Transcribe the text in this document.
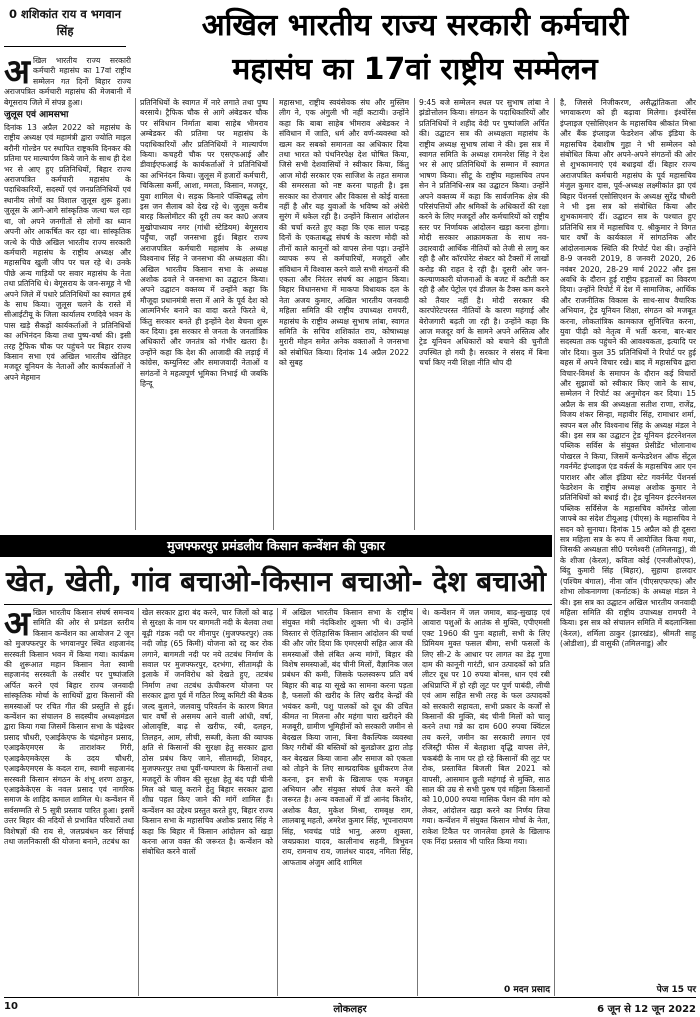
0 शशिकांत राय व भगवान सिंह	अखिल भारतीय राज्य सरकारी कर्मचारी
महासंघ का 17वां राष्ट्रीय सम्मेलन
अ खिल भारतीय राज्य सरकारी कर्मचारी महासंघ का 17वां राष्ट्रीय सम्मेलन गत दिनों बिहार राज्य अराजपत्रित कर्मचारी महासंघ की मेजबानी में बेगूसराय जिले में संपन्न हुआ।

जुलूस एवं आमसभा

दिनांक 13 अप्रैल 2022 को महासंघ के राष्ट्रीय अध्यक्ष एवं महामंत्री द्वारा ज्योति माइल बरौनी गोल्डेन पर स्थापित राष्ट्रकवि दिनकर की प्रतिमा पर माल्यार्पण किये जाने के साथ ही देश भर से आए हुए प्रतिनिधियों, बिहार राज्य अराजपत्रित कर्मचारी महासंघ के पदाधिकारियों, सदस्यों एवं जनप्रतिनिधियों एवं स्थानीय लोगों का विशाल जुलूस शुरू हुआ। जुलूस के आगे-आगे सांस्कृतिक जत्था चल रहा था, जो अपने जनगीतों से लोगों का ध्यान अपनी ओर आकर्षित कर रहा था। सांस्कृतिक जत्थे के पीछे अखिल भारतीय राज्य सरकारी कर्मचारी महासंघ के राष्ट्रीय अध्यक्ष और महासचिव खुली जीप पर चल रहे थे। उनके पीछे अन्य गाड़ियों पर सवार महासंघ के नेता तथा प्रतिनिधि थे। बेगूसराय के जन-समूह ने भी अपने जिले में पधारे प्रतिनिधियों का स्वागत हर्ष के साथ किया। जुलूस चलने के रास्ते में सीआईटीयू के जिला कार्यालय रणदिवे भवन के पास खड़े सैकड़ों कार्यकर्ताओं ने प्रतिनिधियों का अभिनंदन किया तथा पुष्प-वर्षा की। इसी तरह ट्रैफिक चौक पर पहुंचने पर बिहार राज्य किसान सभा एवं अखिल भारतीय खेतिहर मजदूर यूनियन के नेताओं और कार्यकर्ताओं ने अपने मेहमान

प्रतिनिधियों के स्वागत में नारे लगाते तथा पुष्प बरसाये। ट्रैफिक चौक से आगे अंबेडकर चौक पर संविधान निर्माता बाबा साहेब भीमराव अम्बेडकर की प्रतिमा पर महासंघ के पदाधिकारियों और प्रतिनिधियों ने माल्यार्पण किया। कचहरी चौक पर एसएफआई और डीवाईएफआई के कार्यकर्ताओं ने प्रतिनिधियों का अभिनंदन किया। जुलूस में हजारों कर्मचारी, चिकित्सा कर्मी, आशा, ममता, किसान, मजदूर, युवा शामिल थे। सड़क किनारे पंक्तिबद्ध लोग इस जन सैलाब को देख रहे थे। जुलूस करीब बारह किलोमीटर की दूरी तय कर का0 अजय मुखोपाध्याय नगर (गांधी स्टेडियम) बेगूसराय पहुँचा, जहाँ जनसभा हुई। बिहार राज्य अराजपत्रित कर्मचारी महासंघ के अध्यक्ष विश्वनाथ सिंह ने जनसभा की अध्यक्षता की। अखिल भारतीय किसान सभा के अध्यक्ष अशोक ढवले ने जनसभा का उद्घाटन किया। अपने उद्घाटन वक्तव्य में उन्होंने कहा कि मौजूदा प्रधानमंत्री सत्ता में आने के पूर्व देश को आत्मनिर्भर बनाने का वादा करते फिरते थे, किंतु सरकार बनते ही इन्होंने देश बेचना शुरू कर दिया। इस सरकार से जनता के जनतांत्रिक अधिकारों और जनतंत्र को गंभीर खतरा है। उन्होंने कहा कि देश की आजादी की लड़ाई में कांग्रेस, कम्युनिस्ट और समाजवादी नेताओं व सगंठनों ने महत्वपूर्ण भूमिका निभाई थी जबकि हिन्दू

महासभा, राष्ट्रीय स्वयंसेवक संघ और मुस्लिम लीग ने, एक अंगुली भी नहीं कटायी। उन्होंने कहा कि बाबा साहेब भीमराव अंबेडकर ने संविधान में जाति, धर्म और वर्ण-व्यवस्था को खत्म कर सबको समानता का अधिकार दिया तथा भारत को पंथनिरपेक्ष देश घोषित किया, जिसे सभी देशवासियों ने स्वीकार किया, किंतु आज मोदी सरकार एक साजिश के तहत समाज की समरसता को नष्ट करना चाहती है। इस सरकार का रोजगार और विकास से कोई वास्ता नहीं है और यह युवाओं के भविष्य को अंधेरी सुरंग में धकेल रही है। उन्होंने किसान आंदोलन की चर्चा करते हुए कहा कि एक साल पन्द्रह दिनों के एकताबद्ध संघर्ष के कारण मोदी को तीनों काले कानूनों को वापस लेना पड़ा। उन्होंने व्यापक रूप से कर्मचारियों, मजदूरों और संविधान में विश्वास करने वाले सभी संगठनों की एकता और निरंतर संघर्ष का आह्वान किया। बिहार विधानसभा में माकपा विधायक दल के नेता अजय कुमार, अखिल भारतीय जनवादी महिला समिति की राष्ट्रीय उपाध्यक्ष रामपरी, महासंघ के राष्ट्रीय अध्यक्ष सुभाष लांबा, स्वागत समिति के सचिव शशिकांत राय, कोषाध्यक्ष मुरारी मोहन समेत अनेक वक्ताओं ने जनसभा को संबोधित किया। दिनांक 14 अप्रैल 2022 को सुबह

9:45 बजे सम्मेलन स्थल पर सुभाष लांबा ने झंडोत्तोलन किया। संगठन के पदाधिकारियों और प्रतिनिधियों ने शहीद वेदी पर पुष्पांजलि अर्पित की। उद्घाटन सत्र की अध्यक्षता महासंघ के राष्ट्रीय अध्यक्ष सुभाष लांबा ने की। इस सत्र में स्वागत समिति के अध्यक्ष रामनरेश सिंह ने देश भर से आए प्रतिनिधियों के सम्मान में स्वागत भाषण किया। सीटू के राष्ट्रीय महासचिव तपन सेन ने प्रतिनिधि-सत्र का उद्घाटन किया। उन्होंने अपने वक्तव्य में कहा कि सार्वजनिक क्षेत्र की परिसंपत्तियों और श्रमिकों के अधिकारों की रक्षा करने के लिए मजदूरों और कर्मचारियों को राष्ट्रीय स्तर पर निर्णायक आंदोलन खड़ा करना होगा। मोदी सरकार आक्रामकता के साथ नव-उदारवादी आर्थिक नीतियों को तेजी से लागू कर रही है और कॉरपोरेट सेक्टर को टैक्सों में लाखों करोड़ की राहत दे रही है। दूसरी ओर जन-कल्याणकारी योजनाओं के बजट में कटौती कर रही है और पेट्रोल एवं डीजल के टैक्स कम करने को तैयार नहीं है। मोदी सरकार की कारपोरेटपरस्त नीतियों के कारण महंगाई और बेरोजगारी बढ़ती जा रही है। उन्होंने कहा कि आज मजदूर वर्ग के सामने अपने अस्तित्व और ट्रेड यूनियन अधिकारों को बचाने की चुनौती उपस्थित हो गयी है। सरकार ने संसद में बिना चर्चा किए नयी शिक्षा नीति थोप दी

है, जिससे निजीकरण, असैद्धांतिकता और भगवाकरण को ही बढ़ावा मिलेगा। इंश्योरेंस इंप्लाइज एसोसिएशन के महासचिव श्रीकांत मिश्रा और बैंक इंप्लाइज फेडरेशन ऑफ इंडिया के महासचिव देबाशीष गुहा ने भी सम्मेलन को संबोधित किया और अपने-अपने संगठनों की ओर से शुभकामनाएं एवं बधाइयां दीं। बिहार राज्य अराजपत्रित कर्मचारी महासंघ के पूर्व महासचिव मंजुल कुमार दास, पूर्व-अध्यक्ष लक्ष्मीकांत झा एवं बिहार पेंशनर्स एसोसिएशन के अध्यक्ष सुरेंद्र चौधरी ने भी इस सत्र को संबोधित किया और शुभकामनाएं दीं। उद्घाटन सत्र के पश्चात हुए प्रतिनिधि सत्र में महासचिव ए. श्रीकुमार ने विगत चार वर्षों के कार्यकाल में सांगठनिक और आंदोलनात्मक स्थिति की रिपोर्ट पेश की। उन्होंने 8-9 जनवरी 2019, 8 जनवरी 2020, 26 नवंबर 2020, 28-29 मार्च 2022 और इस अवधि के दौरान हुई राष्ट्रीय हड़तालों का विवरण दिया। उन्होंने रिपोर्ट में देश में सामाजिक, आर्थिक और राजनीतिक विकास के साथ-साथ वैचारिक अभियान, ट्रेड यूनियन शिक्षा, संगठन को मजबूत करना, लोकतांत्रिक कामकाज सुनिश्चित करना, युवा पीढ़ी को नेतृत्व में भर्ती करना, बार-बार सदस्यता तक पहुंचने की आवश्यकता, इत्यादि पर जोर दिया। कुल 35 प्रतिनिधियों ने रिपोर्ट पर हुई बहस में अपने विचार रखे। बाद में महासचिव द्वारा विचार-विमर्श के समापन के दौरान कई विचारों और सुझावों को स्वीकार किए जाने के साथ, सम्मेलन ने रिपोर्ट का अनुमोदन कर दिया। 15 अप्रैल के सत्र की अध्यक्षता सतीश राणा, राजेंद्र, विजय शंकर सिन्हा, महावीर सिंह, रामाधार शर्मा, स्वपन बल और विश्वनाथ सिंह के अध्यक्ष मंडल ने की। इस सत्र का उद्घाटन ट्रेड यूनियन इंटरनेशनल पब्लिक सर्विस के संयुक्त प्रेसीडेंट भोलानाथ पोखरल ने किया, जिसमें कन्फेडरेशन ऑफ सेंट्रल गवर्नमेंट इंप्लाइज एंड वर्कर्स के महासचिव आर एन पाराशर और ऑल इंडिया स्टेट गवर्नमेंट पेंशनर्स फेडरेशन के राष्ट्रीय अध्यक्ष अशोक कुमार ने प्रतिनिधियों को बधाई दी। ट्रेड यूनियन इंटरनेशनल पब्लिक सर्विसेज के महासचिव कॉमरेड जोला जाफ्बे का संदेश टीयूआइ (पीएस) के महासचिव ने सदन को सुनाया। दिनांक 15 अप्रैल को ही दूसरा सत्र महिला सत्र के रूप में आयोजित किया गया, जिसकी अध्यक्षता सी0 परमेश्वरी (तमिलनाडु), वी के शीजा (केरल), कविता कोई (एनजीओएफ), बिंदु कुमारी सिंह (बिहार), सुहाया हालदार (पश्चिम बंगाल), नीना जॉन (पीएसएफएफ) और शोभा लोकनागणा (कर्नाटक) के अध्यक्ष मंडल ने की। इस सत्र का उद्घाटन अखिल भारतीय जनवादी महिला समिति की राष्ट्रीय उपाध्यक्ष रामपरी ने किया। इस सत्र को संचालन समिति में बदलान्त्रिसा (केरल), शर्मिला ठाकुर (झारखंड), श्रीमती साहू (ओडीशा), डी वासुकी (तमिलनाडु) और

पेज 15 पर
मुजफ्फरपुर प्रमंडलीय किसान कन्वेंशन की पुकार
खेत, खेती, गांव बचाओ-किसान बचाओ- देश बचाओ
अ खिल भारतीय किसान संघर्ष समन्वय समिति की ओर से प्रमंडल स्तरीय किसान कन्वेंशन का आयोजन 2 जून को मुजफ्फरपुर के भगवानपुर स्थित शहजानंद सरस्वती किसान भवन में किया गया। कार्यक्रम की शुरूआत महान किसान नेता स्वामी सहजानंद सरस्वती के तस्वीर पर पुष्पांजलि अर्पित करने एवं बिहार राज्य जनवादी सांस्कृतिक मोर्चा के साथियों द्वारा किसानों की समस्याओं पर रचित गीत की प्रस्तुति से हुई। कन्वेंशन का संचालन 8 सदस्यीय अध्यक्षमंडल द्वारा किया गया जिसमें किसान सभा के चंद्रेश्वर प्रसाद चौधरी, एआईकेएफ के चंद्रमोहन प्रसाद, एआइकेएमएस के ताराशंकर गिरी, एआइकेएमकेएस के उदय चौधरी, एआइकेएमएस के कदल राम, स्वामी सहजानंद सरस्वती किसान संगठन के शंभू शरण ठाकुर, एआइकेकेएस के नवल प्रसाद एवं नागरिक समाज के शाहिद कमाल शामिल थे। कन्वेंशन में सर्वसम्मति से 5 सूत्री प्रस्ताव पारित हुआ। इसमें उत्तर बिहार की नदियों से प्रभावित परिवारों तथा विशेषज्ञों की राय से, जलप्रबंधन कर सिंचाई तथा जलनिकासी की योजना बनाने, तटबंध का

खेल सरकार द्वारा बंद करने, चार जिलों को बाढ़ से सुरक्षा के नाम पर बागमती नदी के बेलवा तथा बूढ़ी गंडक नदी पर मीनापुर (मुजफ्फरपुर) तक नदी जोड़ (65 किमी) योजना को रद्द कर रोक लगाने, बागमती नदी पर नये तटबंध निर्माण के सवाल पर मुजफ्फरपुर, दरभंगा, सीतामढ़ी के इलाके में जनविरोध को देखते हुए, तटबंध निर्माण तथा तटबंध ऊंचीकरण योजना पर सरकार द्वारा पूर्व में गठित रिव्यू कमिटी की बैठक जल्द बुलाने, जलवायु परिवर्तन के कारण बिगत चार वर्षों से असमय आने वाली आंधी, वर्षा, ओलावृष्टि, बाढ़ से खरीफ, रबी, दलहन, तिलहन, आम, लीची, सब्जी, केला की व्यापक क्षति से किसानों की सुरक्षा हेतु सरकार द्वारा ठोस प्रबंध किए जाने, सीतामढ़ी, शिवहर, मुजफ्फरपुर तथा पूर्वी-चम्पारण के किसानों तथा मजदूरों के जीवन की सुरक्षा हेतु बंद पड़ी चीनी मिल को चालू कराने हेतु बिहार सरकार द्वारा शीघ्र पहल किए जाने की मांगें शामिल हैं। कन्वेंशन का उद्देश्य प्रस्तुत करते हुए, बिहार राज्य किसान सभा के महासचिव अशोक प्रसाद सिंह ने कहा कि बिहार में किसान आंदोलन को खड़ा करना आज वक्त की जरूरत है। कन्वेंशन को संबोधित करने वालों

में अखिल भारतीय किसान सभा के राष्ट्रीय संयुक्त मंत्री नंदकिशोर शुक्ला भी थे। उन्होंने विस्तार से ऐतिहासिक किसान आंदोलन की चर्चा की और जोर दिया कि एमएसपी सहित आज की समस्याओं जैसे लंबित अन्य मांगों, बिहार की विशेष समस्याओं, बंद चीनी मिलों, वैज्ञानिक जल प्रबंधन की कमी, जिसके फलस्वरूप प्रति वर्ष बिहार की बाढ़ या सूखे का सामना करना पड़ता है, फसलों की खरीद के लिए खरीद केन्द्रों की भयंकर कमी, पशु पालकों को दूध की उचित कीमत ना मिलना और महंगा चारा खरीदने की मजबूरी, ग्रामीण भूमिहीनों को सरकारी जमीन से बेदखल किया जाना, बिना वैकल्पिक व्यवस्था किए गरीबों की बस्तियों को बुलडोजर द्वारा तोड़ कर बेदखल किया जाना और समाज को एकता को तोड़ने के लिए साम्प्रदायिक ध्रुवीकरण तेज करना, इन सभी के खिलाफ एक मजबूत अभियान और संयुक्त संघर्ष तेज करने की जरूरत है। अन्य वक्ताओं में डॉ आनंद किशोर, अशोक बैठा, मुकेश मिश्रा, रामबृक्ष राम, लालबाबू महतो, अमरेश कुमार सिंह, भूपनारायण सिंह, भवचंद्र पांडे भानु, अरुण शुक्ला, जयप्रकाश यादव, कालीनाथ सहनी, त्रिभुवन राय, रामनाथ राय, जालंधर यादव, नमिता सिंह, आफताब अंजुम आदि शामिल

थे। कन्वेंशन में जल जमाव, बाढ़-सुखाड़ एवं आवारा पशुओं के आतंक से मुक्ति, एपीएमसी एक्ट 1960 की पुनः बहाली, सभी के लिए प्रिमियम मुक्त फसल बीमा, सभी फसलों के लिए सी-2 के आधार पर लागत का डेढ़ गुणा दाम की कानूनी गारंटी, धान उत्पादकों को प्रति लीटर दूध पर 10 रुपया बोनस, धान एवं रबी अधिप्राप्ति में हो रही लूट पर पूर्ण पाबंदी, लीची एवं आम सहित सभी तरह के फल उत्पादकों को सरकारी सहायता, सभी प्रकार के कर्जों से किसानों की मुक्ति, बंद चीनी मिलों को चालू करने तथा गन्ने का दाम 600 रुपया क्विंटल तय करने, जमीन का सरकारी लगान एवं रजिस्ट्री फीस में बेतहाशा वृद्धि वापस लेने, चकबंदी के नाम पर हो रहे किसानों की लूट पर रोक, प्रस्तावित बिजली बिल 2021 को वापसी, आसमान छूती महंगाई से मुक्ति, साठ साल की उम्र से सभी पुरुष एवं महिला किसानों को 10,000 रुपया मासिक पेंशन की मांग को लेकर, आंदोलन खड़ा करने का निर्णय लिया गया। कन्वेंशन में संयुक्त किसान मोर्चा के नेता, राकेश टिकैत पर जानलेवा हमले के खिलाफ एक निंदा प्रस्ताव भी पारित किया गया।

0 मदन प्रसाद
10	लोकलहर	6 जून से 12 जून 2022
